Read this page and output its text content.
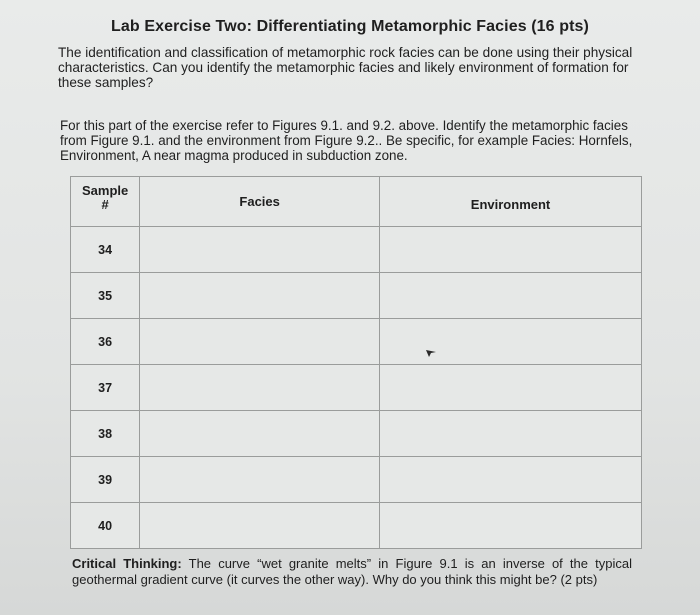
Lab Exercise Two: Differentiating Metamorphic Facies (16 pts)
The identification and classification of metamorphic rock facies can be done using their physical characteristics. Can you identify the metamorphic facies and likely environment of formation for these samples?
For this part of the exercise refer to Figures 9.1. and 9.2. above. Identify the metamorphic facies from Figure 9.1. and the environment from Figure 9.2.. Be specific, for example Facies: Hornfels, Environment, A near magma produced in subduction zone.
Sample
#	Facies	Environment
34		
35		
36		
37		
38		
39		
40		
Critical Thinking: The curve “wet granite melts” in Figure 9.1 is an inverse of the typical geothermal gradient curve (it curves the other way). Why do you think this might be? (2 pts)
